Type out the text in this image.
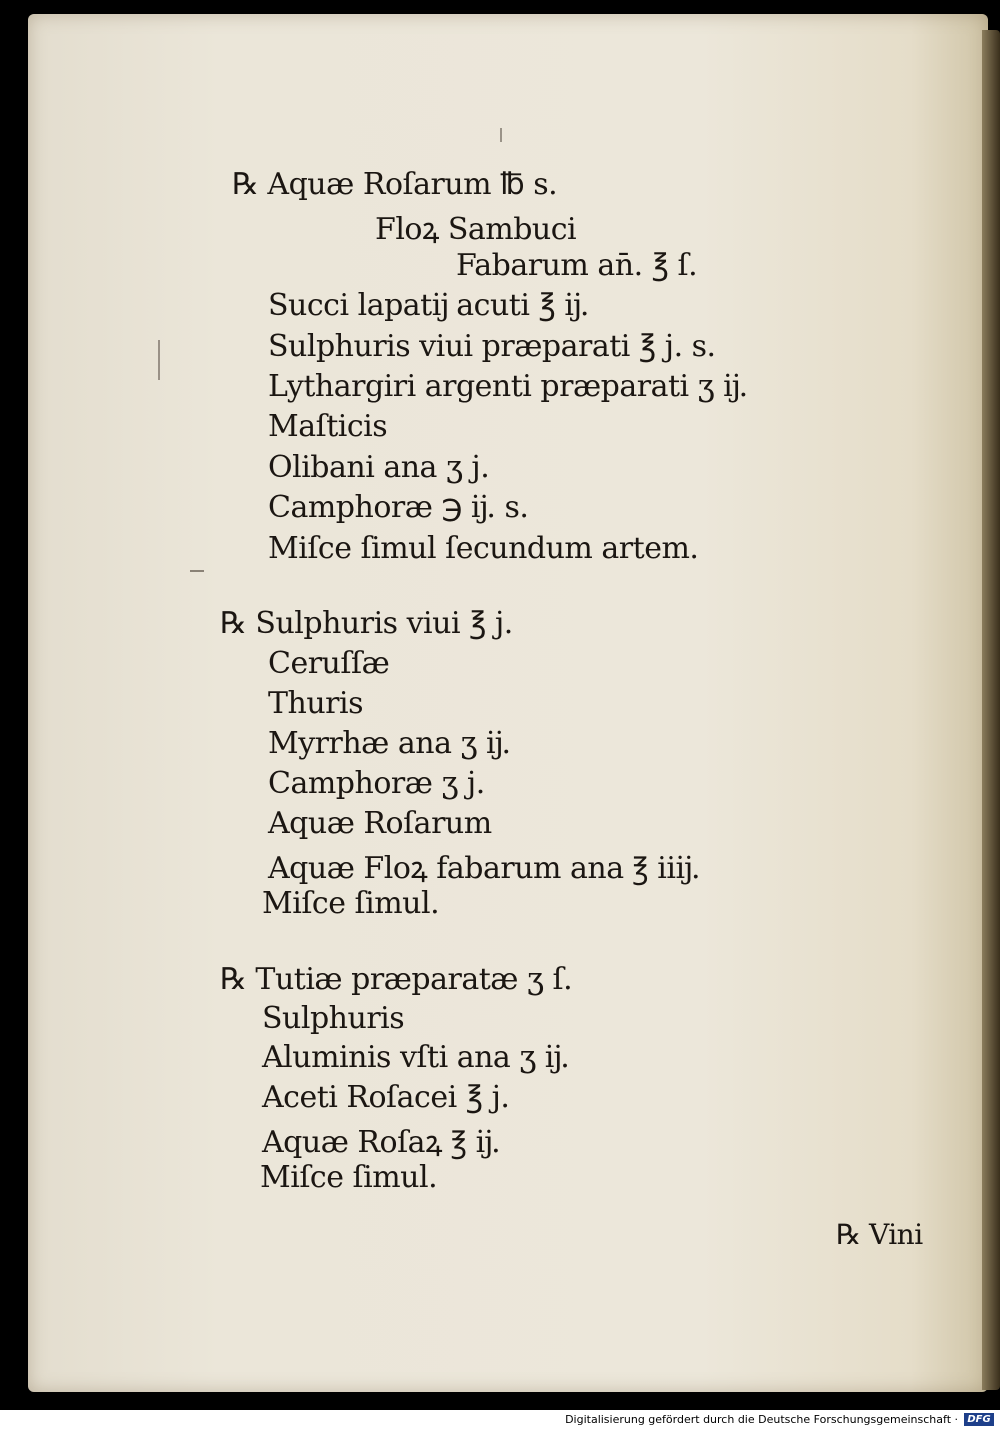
℞ Aquæ Roſarum ℔ s.
Floꝝ Sambuci
Fabarum an̄. ℥ ſ.
Succi lapatĳ acuti ℥ ĳ.
Sulphuris viui præparati ℥ j. s.
Lythargiri argenti præparati ʒ ĳ.
Maſticis
Olibani ana ʒ j.
Camphoræ ℈ ĳ. s.
Miſce ſimul ſecundum artem.
℞ Sulphuris viui ℥ j.
Ceruſſæ
Thuris
Myrrhæ ana ʒ ĳ.
Camphoræ ʒ j.
Aquæ Roſarum
Aquæ Floꝝ fabarum ana ℥ iiĳ.
Miſce ſimul.
℞ Tutiæ præparatæ ʒ ſ.
Sulphuris
Aluminis vſti ana ʒ ĳ.
Aceti Roſacei ℥ j.
Aquæ Roſaꝝ ℥ ĳ.
Miſce ſimul.
℞ Vini
Digitalisierung gefördert durch die Deutsche Forschungsgemeinschaft · DFG
